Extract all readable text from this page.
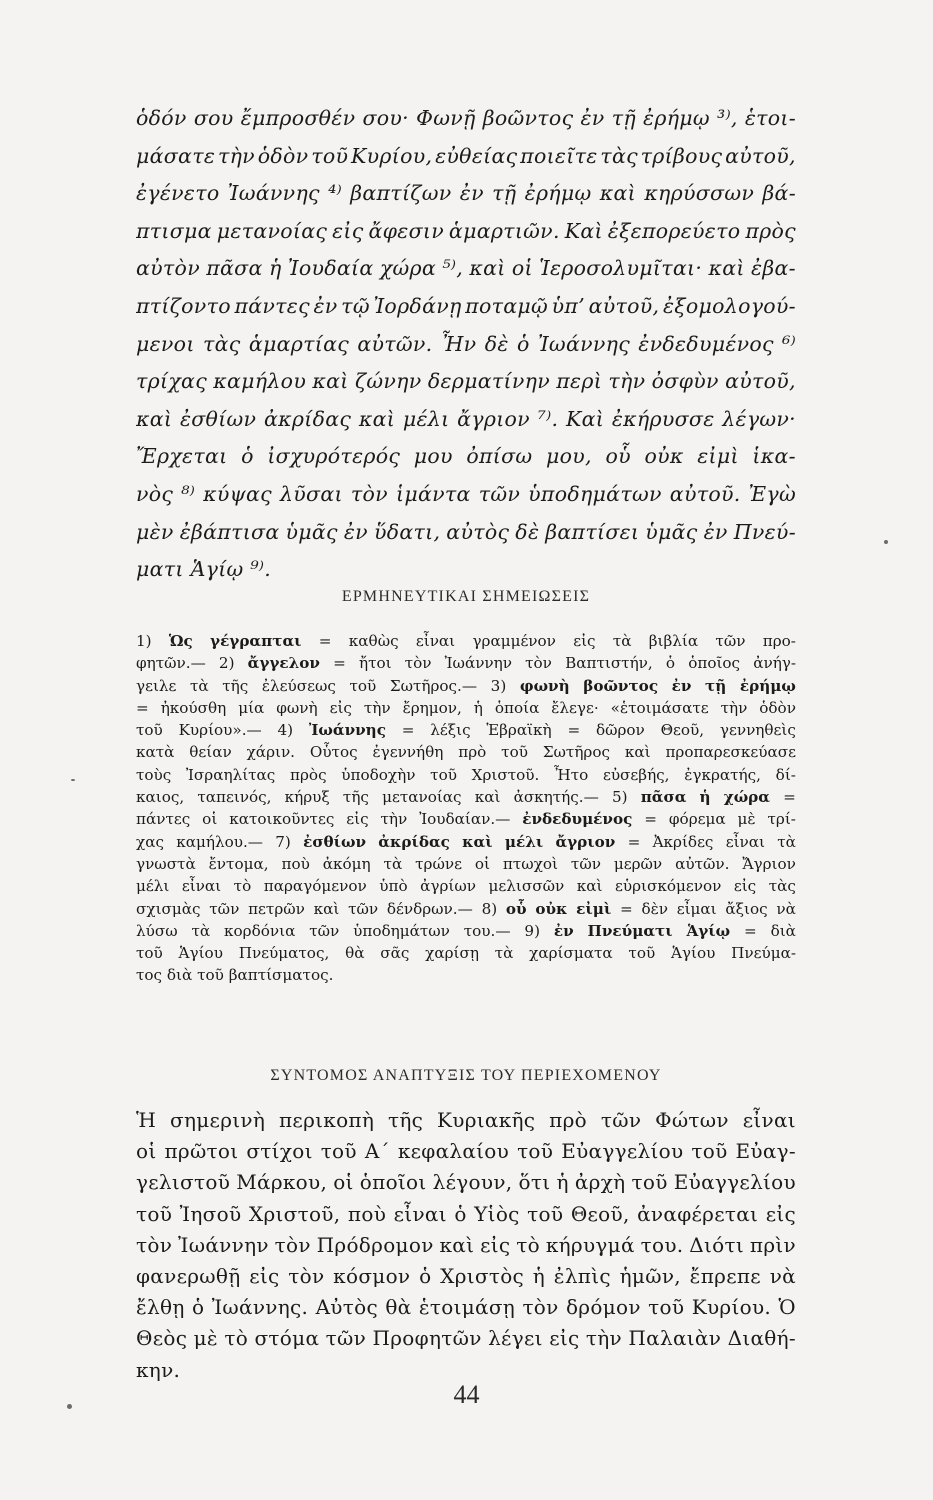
ὁδόν σου ἔμπροσθέν σου· Φωνῇ βοῶντος ἐν τῇ ἐρήμῳ ³⁾, ἑτοι-
μάσατε τὴν ὁδὸν τοῦ Κυρίου, εὐθείας ποιεῖτε τὰς τρίβους αὐτοῦ,
ἐγένετο Ἰωάννης ⁴⁾ βαπτίζων ἐν τῇ ἐρήμῳ καὶ κηρύσσων βά-
πτισμα μετανοίας εἰς ἄφεσιν ἁμαρτιῶν. Καὶ ἐξεπορεύετο πρὸς
αὐτὸν πᾶσα ἡ Ἰουδαία χώρα ⁵⁾, καὶ οἱ Ἱεροσολυμῖται· καὶ ἐβα-
πτίζοντο πάντες ἐν τῷ Ἰορδάνῃ ποταμῷ ὑπ’ αὐτοῦ, ἐξομολογού-
μενοι τὰς ἁμαρτίας αὐτῶν. Ἦν δὲ ὁ Ἰωάννης ἐνδεδυμένος ⁶⁾
τρίχας καμήλου καὶ ζώνην δερματίνην περὶ τὴν ὀσφὺν αὐτοῦ,
καὶ ἐσθίων ἀκρίδας καὶ μέλι ἄγριον ⁷⁾. Καὶ ἐκήρυσσε λέγων·
Ἔρχεται ὁ ἰσχυρότερός μου ὀπίσω μου, οὗ οὐκ εἰμὶ ἱκα-
νὸς ⁸⁾ κύψας λῦσαι τὸν ἱμάντα τῶν ὑποδημάτων αὐτοῦ. Ἐγὼ
μὲν ἐβάπτισα ὑμᾶς ἐν ὕδατι, αὐτὸς δὲ βαπτίσει ὑμᾶς ἐν Πνεύ-
ματι Ἁγίῳ ⁹⁾.
ΕΡΜΗΝΕΥΤΙΚΑΙ ΣΗΜΕΙΩΣΕΙΣ
1) Ὡς γέγραπται = καθὼς εἶναι γραμμένον εἰς τὰ βιβλία τῶν προ-
φητῶν.— 2) ἄγγελον = ἤτοι τὸν Ἰωάννην τὸν Βαπτιστήν, ὁ ὁποῖος ἀνήγ-
γειλε τὰ τῆς ἐλεύσεως τοῦ Σωτῆρος.— 3) φωνὴ βοῶντος ἐν τῇ ἐρήμῳ
= ἠκούσθη μία φωνὴ εἰς τὴν ἔρημον, ἡ ὁποία ἔλεγε· «ἑτοιμάσατε τὴν ὁδὸν
τοῦ Κυρίου».— 4) Ἰωάννης = λέξις Ἑβραϊκὴ = δῶρον Θεοῦ, γεννηθεὶς
κατὰ θείαν χάριν. Οὗτος ἐγεννήθη πρὸ τοῦ Σωτῆρος καὶ προπαρεσκεύασε
τοὺς Ἰσραηλίτας πρὸς ὑποδοχὴν τοῦ Χριστοῦ. Ἦτο εὐσεβής, ἐγκρατής, δί-
καιος, ταπεινός, κήρυξ τῆς μετανοίας καὶ ἀσκητής.— 5) πᾶσα ἡ χώρα =
πάντες οἱ κατοικοῦντες εἰς τὴν Ἰουδαίαν.— ἐνδεδυμένος = φόρεμα μὲ τρί-
χας καμήλου.— 7) ἐσθίων ἀκρίδας καὶ μέλι ἄγριον = Ἀκρίδες εἶναι τὰ
γνωστὰ ἔντομα, ποὺ ἀκόμη τὰ τρώνε οἱ πτωχοὶ τῶν μερῶν αὐτῶν. Ἄγριον
μέλι εἶναι τὸ παραγόμενον ὑπὸ ἀγρίων μελισσῶν καὶ εὑρισκόμενον εἰς τὰς
σχισμὰς τῶν πετρῶν καὶ τῶν δένδρων.— 8) οὗ οὐκ εἰμὶ = δὲν εἶμαι ἄξιος νὰ
λύσω τὰ κορδόνια τῶν ὑποδημάτων του.— 9) ἐν Πνεύματι Ἁγίῳ = διὰ
τοῦ Ἁγίου Πνεύματος, θὰ σᾶς χαρίσῃ τὰ χαρίσματα τοῦ Ἁγίου Πνεύμα-
τος διὰ τοῦ βαπτίσματος.
ΣΥΝΤΟΜΟΣ ΑΝΑΠΤΥΞΙΣ ΤΟΥ ΠΕΡΙΕΧΟΜΕΝΟΥ
Ἡ σημερινὴ περικοπὴ τῆς Κυριακῆς πρὸ τῶν Φώτων εἶναι
οἱ πρῶτοι στίχοι τοῦ Α΄ κεφαλαίου τοῦ Εὐαγγελίου τοῦ Εὐαγ-
γελιστοῦ Μάρκου, οἱ ὁποῖοι λέγουν, ὅτι ἡ ἀρχὴ τοῦ Εὐαγγελίου
τοῦ Ἰησοῦ Χριστοῦ, ποὺ εἶναι ὁ Υἱὸς τοῦ Θεοῦ, ἀναφέρεται εἰς
τὸν Ἰωάννην τὸν Πρόδρομον καὶ εἰς τὸ κήρυγμά του. Διότι πρὶν
φανερωθῇ εἰς τὸν κόσμον ὁ Χριστὸς ἡ ἐλπὶς ἡμῶν, ἔπρεπε νὰ
ἔλθῃ ὁ Ἰωάννης. Αὐτὸς θὰ ἑτοιμάσῃ τὸν δρόμον τοῦ Κυρίου. Ὁ
Θεὸς μὲ τὸ στόμα τῶν Προφητῶν λέγει εἰς τὴν Παλαιὰν Διαθή-
κην.
44
